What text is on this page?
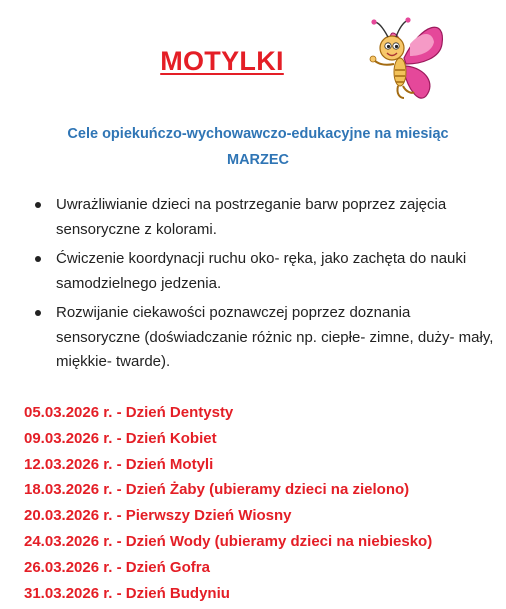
MOTYLKI
Cele opiekuńczo-wychowawczo-edukacyjne na miesiąc
MARZEC
Uwrażliwianie dzieci na postrzeganie barw poprzez zajęcia sensoryczne z kolorami.
Ćwiczenie koordynacji ruchu oko- ręka, jako zachęta do nauki samodzielnego jedzenia.
Rozwijanie ciekawości poznawczej poprzez doznania sensoryczne (doświadczanie różnic np. ciepłe- zimne, duży- mały, miękkie- twarde).
05.03.2026 r. - Dzień Dentysty
09.03.2026 r. - Dzień Kobiet
12.03.2026 r. - Dzień Motyli
18.03.2026 r. - Dzień Żaby (ubieramy dzieci na zielono)
20.03.2026 r. - Pierwszy Dzień Wiosny
24.03.2026 r. - Dzień Wody (ubieramy dzieci na niebiesko)
26.03.2026 r. - Dzień Gofra
31.03.2026 r. - Dzień Budyniu
